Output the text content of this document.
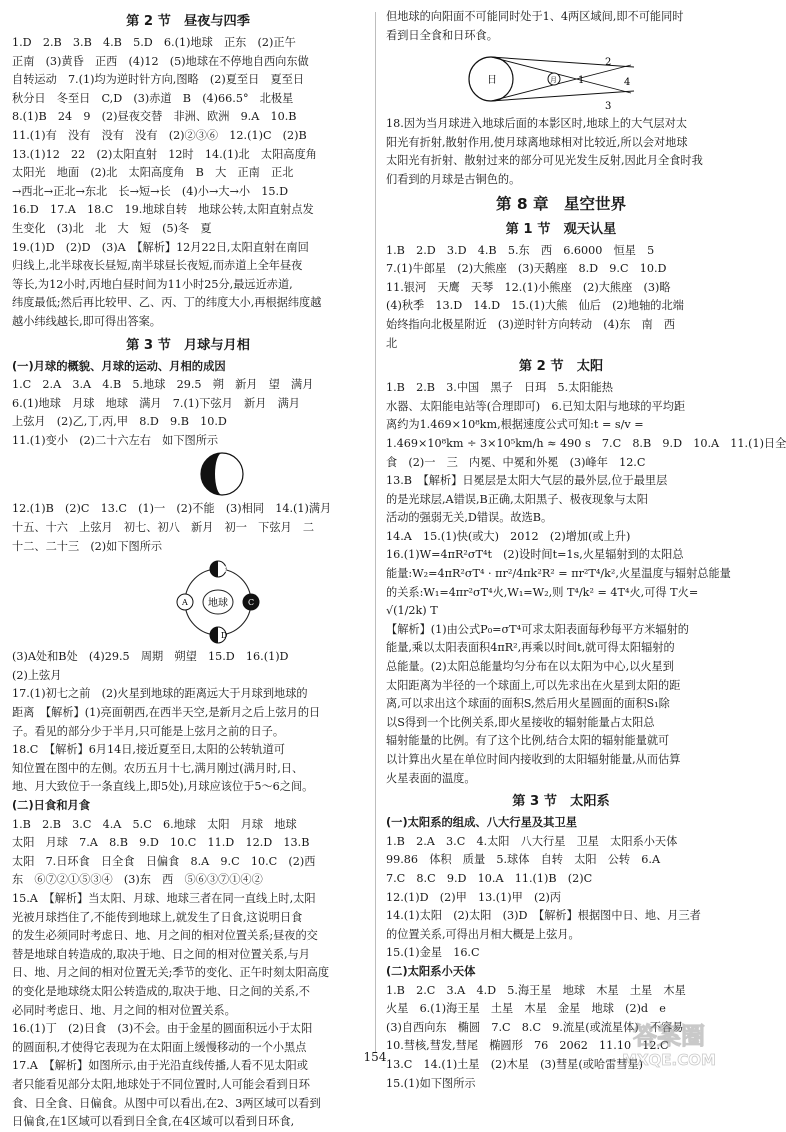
第 2 节　昼夜与四季
1.D　2.B　3.B　4.B　5.D　6.(1)地球　正东　(2)正午
正南　(3)黄昏　正西　(4)12　(5)地球在不停地自西向东做
自转运动　7.(1)均为逆时针方向,图略　(2)夏至日　夏至日
秋分日　冬至日　C,D　(3)赤道　B　(4)66.5°　北极星
8.(1)B　24　9　(2)昼夜交替　非洲、欧洲　9.A　10.B
11.(1)有　没有　没有　没有　(2)②③⑥　12.(1)C　(2)B
13.(1)12　22　(2)太阳直射　12时　14.(1)北　太阳高度角
太阳光　地面　(2)北　太阳高度角　B　大　正南　正北
→西北→正北→东北　长→短→长　(4)小→大→小　15.D
16.D　17.A　18.C　19.地球自转　地球公转,太阳直射点发
生变化　(3)北　北　大　短　(5)冬　夏
19.(1)D　(2)D　(3)A　【解析】12月22日,太阳直射在南回
归线上,北半球夜长昼短,南半球昼长夜短,而赤道上全年昼夜
等长,为12小时,丙地白昼时间为11小时25分,最远近赤道,
纬度最低;然后再比较甲、乙、丙、丁的纬度大小,再根据纬度越
越小纬线越长,即可得出答案。
第 3 节　月球与月相
(一)月球的概貌、月球的运动、月相的成因
1.C　2.A　3.A　4.B　5.地球　29.5　朔　新月　望　满月
6.(1)地球　月球　地球　满月　7.(1)下弦月　新月　满月
上弦月　(2)乙,丁,丙,甲　8.D　9.B　10.D
11.(1)变小　(2)二十六左右　如下图所示
12.(1)B　(2)C　13.C　(1)一　(2)不能　(3)相同　14.(1)满月
十五、十六　上弦月　初七、初八　新月　初一　下弦月　二
十二、二十三　(2)如下图所示
地球
B
A	C
D
(3)A处和B处　(4)29.5　周期　朔望　15.D　16.(1)D
(2)上弦月
17.(1)初七之前　(2)火星到地球的距离远大于月球到地球的
距离　【解析】(1)亮面朝西,在西半天空,是新月之后上弦月的日
子。看见的部分少于半月,只可能是上弦月之前的日子。
18.C　【解析】6月14日,接近夏至日,太阳的公转轨道可
知位置在图中的左侧。农历五月十七,满月刚过(满月时,日、
地、月大致位于一条直线上,即5处),月球应该位于5～6之间。
(二)日食和月食
1.B　2.B　3.C　4.A　5.C　6.地球　太阳　月球　地球
太阳　月球　7.A　8.B　9.D　10.C　11.D　12.D　13.B
太阳　7.日环食　日全食　日偏食　8.A　9.C　10.C　(2)西
东　⑥⑦②①⑤③④　(3)东　西　⑤⑥③⑦①④②
15.A　【解析】当太阳、月球、地球三者在同一直线上时,太阳
光被月球挡住了,不能传到地球上,就发生了日食,这说明日食
的发生必须同时考虑日、地、月之间的相对位置关系;昼夜的交
替是地球自转造成的,取决于地、日之间的相对位置关系,与月
日、地、月之间的相对位置无关;季节的变化、正午时刻太阳高度
的变化是地球绕太阳公转造成的,取决于地、日之间的关系,不
必同时考虑日、地、月之间的相对位置关系。
16.(1)丁　(2)日食　(3)不会。由于金星的圆面积远小于太阳
的圆面积,才使得它表现为在太阳面上缓慢移动的一个小黑点
17.A　【解析】如图所示,由于光沿直线传播,人看不见太阳或
者只能看见部分太阳,地球处于不同位置时,人可能会看到日环
食、日全食、日偏食。从图中可以看出,在2、3两区域可以看到
日偏食,在1区域可以看到日全食,在4区域可以看到日环食,
但地球的向阳面不可能同时处于1、4两区域间,即不可能同时
看到日全食和日环食。
日	月
2
1	4
3
18.因为当月球进入地球后面的本影区时,地球上的大气层对太
阳光有折射,散射作用,使月球离地球相对比较近,所以会对地球
太阳光有折射、散射过来的部分可见光发生反射,因此月全食时我
们看到的月球是古铜色的。
第 8 章　星空世界
第 1 节　观天认星
1.B　2.D　3.D　4.B　5.东　西　6.6000　恒星　5
7.(1)牛郎星　(2)大熊座　(3)天鹅座　8.D　9.C　10.D
11.银河　天鹰　天琴　12.(1)小熊座　(2)大熊座　(3)略
(4)秋季　13.D　14.D　15.(1)大熊　仙后　(2)地轴的北端
始终指向北极星附近　(3)逆时针方向转动　(4)东　南　西
北
第 2 节　太阳
1.B　2.B　3.中国　黑子　日珥　5.太阳能热
水器、太阳能电站等(合理即可)　6.已知太阳与地球的平均距
离约为1.469×10⁸km,根据速度公式可知:t = s/v =
1.469×10⁸km ÷ 3×10⁵km/h ≈ 490 s　7.C　8.B　9.D　10.A　11.(1)日全
食　(2)一　三　内冕、中冕和外冕　(3)峰年　12.C
13.B　【解析】日冕层是太阳大气层的最外层,位于最里层
的是光球层,A错误,B正确,太阳黑子、极夜现象与太阳
活动的强弱无关,D错误。故选B。
14.A　15.(1)快(或大)　2012　(2)增加(或上升)
16.(1)W=4πR²σT⁴t　(2)设时间t=1s,火星辐射到的太阳总
能量:W₂=4πR²σT⁴ · πr²/4πk²R² = πr²T⁴/k²,火星温度与辐射总能量
的关系:W₁=4πr²σT⁴火,W₁=W₂,则 T⁴/k² = 4T⁴火,可得 T火=
√(1/2k) T
【解析】(1)由公式P₀=σT⁴可求太阳表面每秒每平方米辐射的
能量,乘以太阳表面积4πR²,再乘以时间t,就可得太阳辐射的
总能量。(2)太阳总能量均匀分布在以太阳为中心,以火星到
太阳距离为半径的一个球面上,可以先求出在火星到太阳的距
离,可以求出这个球面的面积S,然后用火星圆面的面积S₁除
以S得到一个比例关系,即火星接收的辐射能量占太阳总
辐射能量的比例。有了这个比例,结合太阳的辐射能量就可
以计算出火星在单位时间内接收到的太阳辐射能量,从而估算
火星表面的温度。
第 3 节　太阳系
(一)太阳系的组成、八大行星及其卫星
1.B　2.A　3.C　4.太阳　八大行星　卫星　太阳系小天体
99.86　体积　质量　5.球体　自转　太阳　公转　6.A
7.C　8.C　9.D　10.A　11.(1)B　(2)C
12.(1)D　(2)甲　13.(1)甲　(2)丙
14.(1)太阳　(2)太阳　(3)D　【解析】根据图中日、地、月三者
的位置关系,可得出月相大概是上弦月。
15.(1)金星　16.C
(二)太阳系小天体
1.B　2.C　3.A　4.D　5.海王星　地球　木星　土星　木星
火星　6.(1)海王星　土星　木星　金星　地球　(2)d　e
(3)自西向东　椭圆　7.C　8.C　9.流星(或流星体)　不容易
10.彗核,彗发,彗尾　椭圆形　76　2062　11.10　12.C
13.C　14.(1)土星　(2)木星　(3)彗星(或哈雷彗星)
15.(1)如下图所示
154
答案圈
MXQE.COM
